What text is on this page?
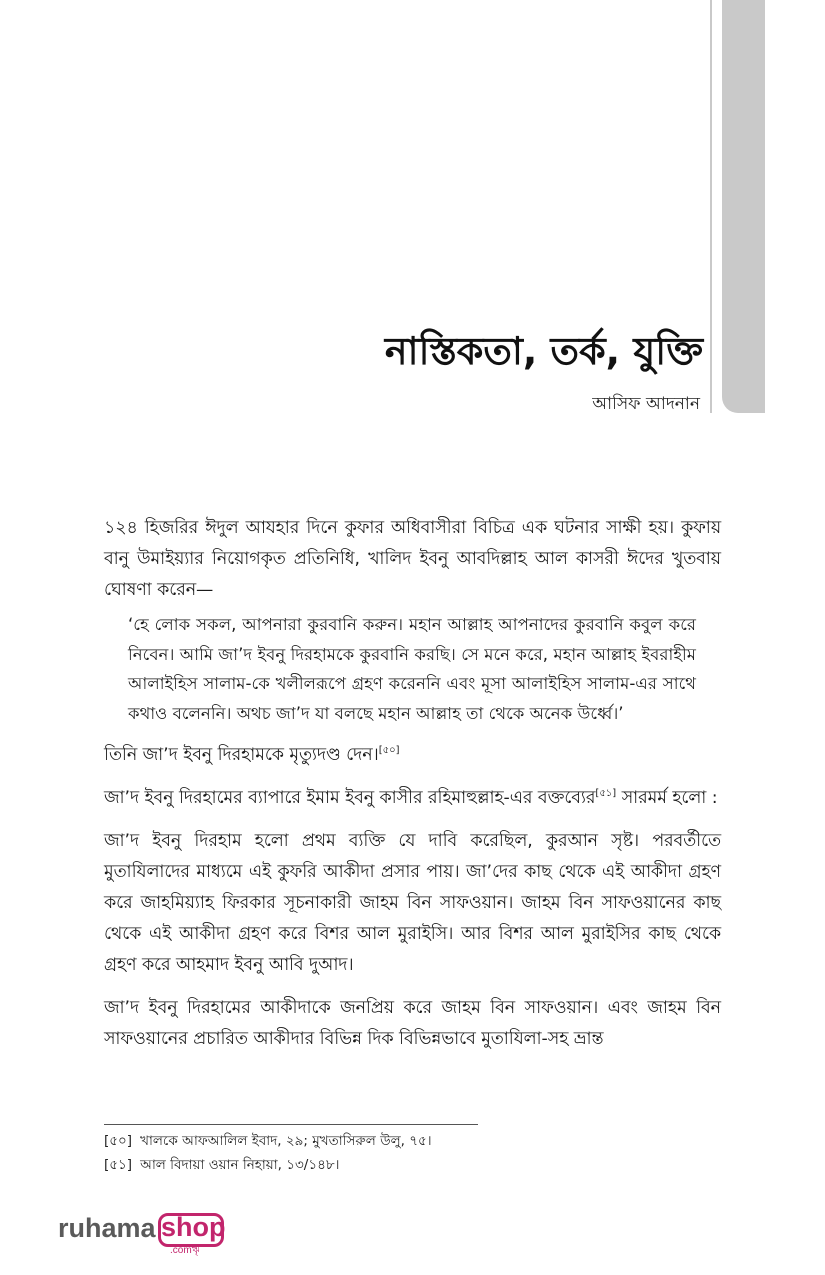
নাস্তিকতা, তর্ক, যুক্তি
আসিফ আদনান

১২৪ হিজরির ঈদুল আযহার দিনে কুফার অধিবাসীরা বিচিত্র এক ঘটনার সাক্ষী হয়। কুফায় বানু উমাইয়্যার নিয়োগকৃত প্রতিনিধি, খালিদ ইবনু আবদিল্লাহ আল কাসরী ঈদের খুতবায় ঘোষণা করেন—

‘হে লোক সকল, আপনারা কুরবানি করুন। মহান আল্লাহ আপনাদের কুরবানি কবুল করে নিবেন। আমি জা’দ ইবনু দিরহামকে কুরবানি করছি। সে মনে করে, মহান আল্লাহ ইবরাহীম আলাইহিস সালাম-কে খলীলরূপে গ্রহণ করেননি এবং মূসা আলাইহিস সালাম-এর সাথে কথাও বলেননি। অথচ জা’দ যা বলছে মহান আল্লাহ তা থেকে অনেক উর্ধ্বে।’

তিনি জা’দ ইবনু দিরহামকে মৃত্যুদণ্ড দেন।[৫০]

জা’দ ইবনু দিরহামের ব্যাপারে ইমাম ইবনু কাসীর রহিমাহুল্লাহ-এর বক্তব্যের[৫১] সারমর্ম হলো :

জা’দ ইবনু দিরহাম হলো প্রথম ব্যক্তি যে দাবি করেছিল, কুরআন সৃষ্ট। পরবর্তীতে মুতাযিলাদের মাধ্যমে এই কুফরি আকীদা প্রসার পায়। জা’দের কাছ থেকে এই আকীদা গ্রহণ করে জাহমিয়্যাহ ফিরকার সূচনাকারী জাহম বিন সাফওয়ান। জাহম বিন সাফওয়ানের কাছ থেকে এই আকীদা গ্রহণ করে বিশর আল মুরাইসি। আর বিশর আল মুরাইসির কাছ থেকে গ্রহণ করে আহমাদ ইবনু আবি দুআদ।

জা’দ ইবনু দিরহামের আকীদাকে জনপ্রিয় করে জাহম বিন সাফওয়ান। এবং জাহম বিন সাফওয়ানের প্রচারিত আকীদার বিভিন্ন দিক বিভিন্নভাবে মুতাযিলা-সহ ভ্রান্ত

[৫০] খালকে আফআলিল ইবাদ, ২৯; মুখতাসিরুল উলু, ৭৫।
[৫১] আল বিদায়া ওয়ান নিহায়া, ১৩/১৪৮।
ruhama shop
.comৠ
